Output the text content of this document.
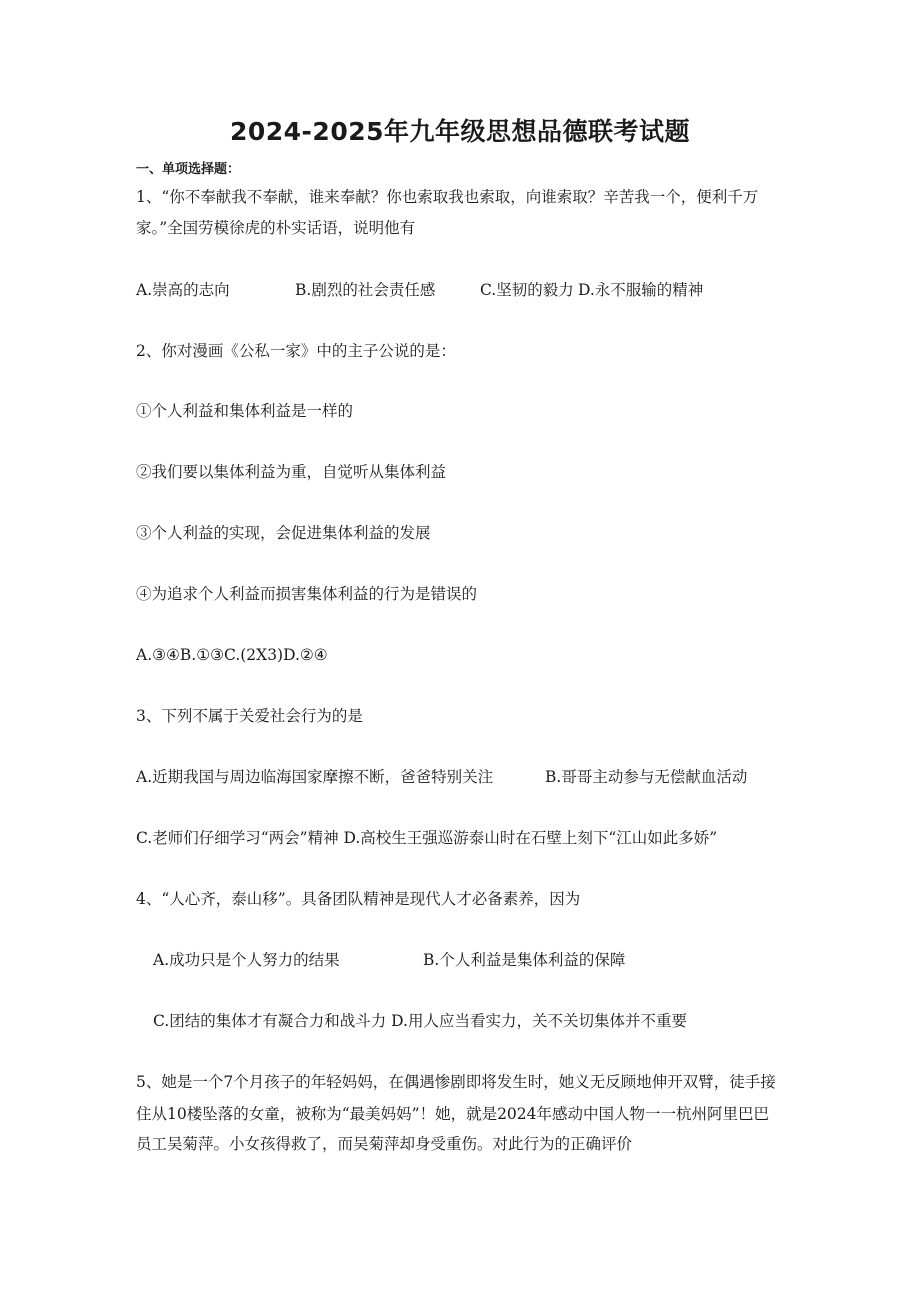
2024-2025年九年级思想品德联考试题
一、单项选择题：
1、“你不奉献我不奉献，谁来奉献？你也索取我也索取，向谁索取？辛苦我一个，便利千万
家。”全国劳模徐虎的朴实话语，说明他有
A.崇高的志向	B.剧烈的社会责任感	C.坚韧的毅力 D.永不服输的精神
2、你对漫画《公私一家》中的主子公说的是：
①个人利益和集体利益是一样的
②我们要以集体利益为重，自觉听从集体利益
③个人利益的实现，会促进集体利益的发展
④为追求个人利益而损害集体利益的行为是错误的
A.③④B.①③C.(2X3)D.②④
3、下列不属于关爱社会行为的是
A.近期我国与周边临海国家摩擦不断，爸爸特别关注	B.哥哥主动参与无偿献血活动
C.老师们仔细学习“两会”精神 D.高校生王强巡游泰山时在石壁上刻下“江山如此多娇”
4、“人心齐，泰山移”。具备团队精神是现代人才必备素养，因为
A.成功只是个人努力的结果	B.个人利益是集体利益的保障
C.团结的集体才有凝合力和战斗力 D.用人应当看实力，关不关切集体并不重要
5、她是一个7个月孩子的年轻妈妈，在偶遇惨剧即将发生时，她义无反顾地伸开双臂，徒手接
住从10楼坠落的女童，被称为“最美妈妈”！她，就是2024年感动中国人物一一杭州阿里巴巴
员工吴菊萍。小女孩得救了，而吴菊萍却身受重伤。对此行为的正确评价
